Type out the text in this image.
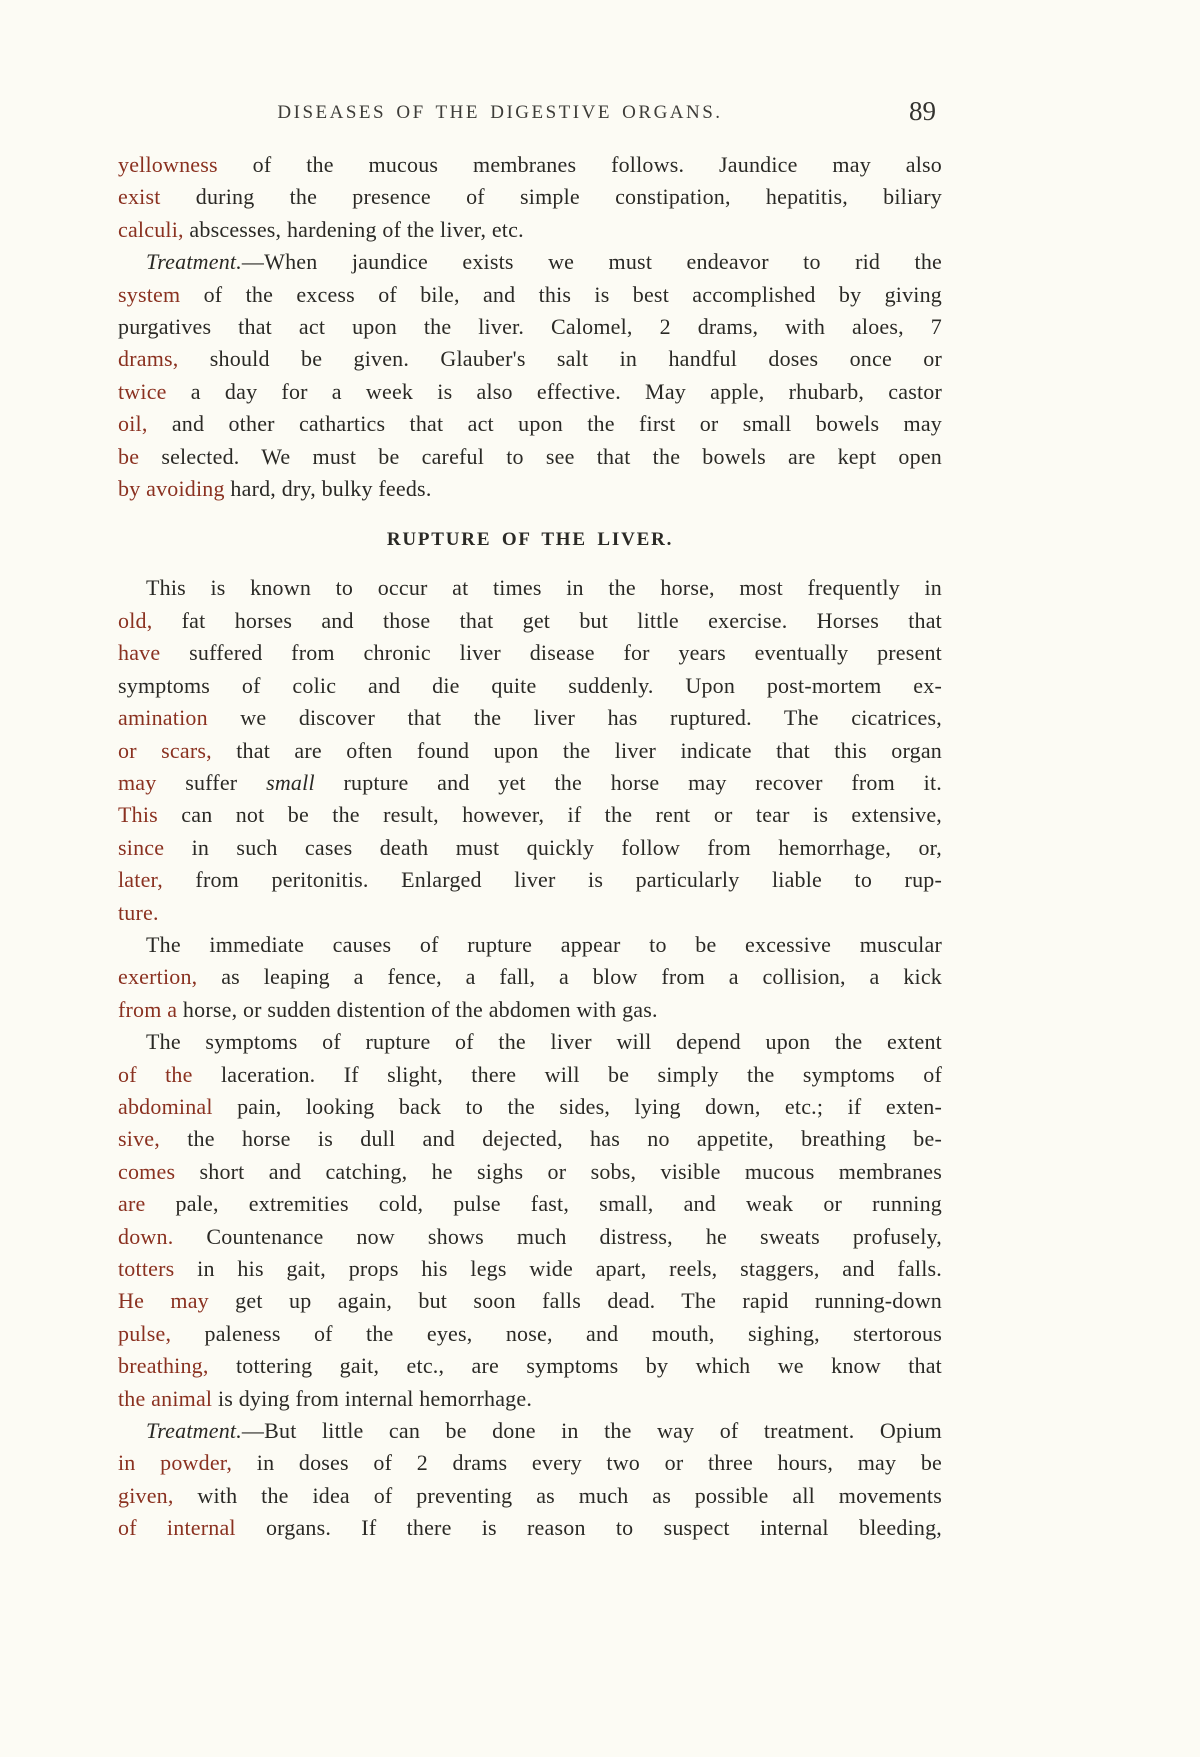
DISEASES OF THE DIGESTIVE ORGANS.	89
yellowness of the mucous membranes follows. Jaundice may also
exist during the presence of simple constipation, hepatitis, biliary
calculi, abscesses, hardening of the liver, etc.
Treatment.—When jaundice exists we must endeavor to rid the
system of the excess of bile, and this is best accomplished by giving
purgatives that act upon the liver. Calomel, 2 drams, with aloes, 7
drams, should be given. Glauber's salt in handful doses once or
twice a day for a week is also effective. May apple, rhubarb, castor
oil, and other cathartics that act upon the first or small bowels may
be selected. We must be careful to see that the bowels are kept open
by avoiding hard, dry, bulky feeds.
RUPTURE OF THE LIVER.
This is known to occur at times in the horse, most frequently in
old, fat horses and those that get but little exercise. Horses that
have suffered from chronic liver disease for years eventually present
symptoms of colic and die quite suddenly. Upon post-mortem ex-
amination we discover that the liver has ruptured. The cicatrices,
or scars, that are often found upon the liver indicate that this organ
may suffer small rupture and yet the horse may recover from it.
This can not be the result, however, if the rent or tear is extensive,
since in such cases death must quickly follow from hemorrhage, or,
later, from peritonitis. Enlarged liver is particularly liable to rup-
ture.
The immediate causes of rupture appear to be excessive muscular
exertion, as leaping a fence, a fall, a blow from a collision, a kick
from a horse, or sudden distention of the abdomen with gas.
The symptoms of rupture of the liver will depend upon the extent
of the laceration. If slight, there will be simply the symptoms of
abdominal pain, looking back to the sides, lying down, etc.; if exten-
sive, the horse is dull and dejected, has no appetite, breathing be-
comes short and catching, he sighs or sobs, visible mucous membranes
are pale, extremities cold, pulse fast, small, and weak or running
down. Countenance now shows much distress, he sweats profusely,
totters in his gait, props his legs wide apart, reels, staggers, and falls.
He may get up again, but soon falls dead. The rapid running-down
pulse, paleness of the eyes, nose, and mouth, sighing, stertorous
breathing, tottering gait, etc., are symptoms by which we know that
the animal is dying from internal hemorrhage.
Treatment.—But little can be done in the way of treatment. Opium
in powder, in doses of 2 drams every two or three hours, may be
given, with the idea of preventing as much as possible all movements
of internal organs. If there is reason to suspect internal bleeding,
